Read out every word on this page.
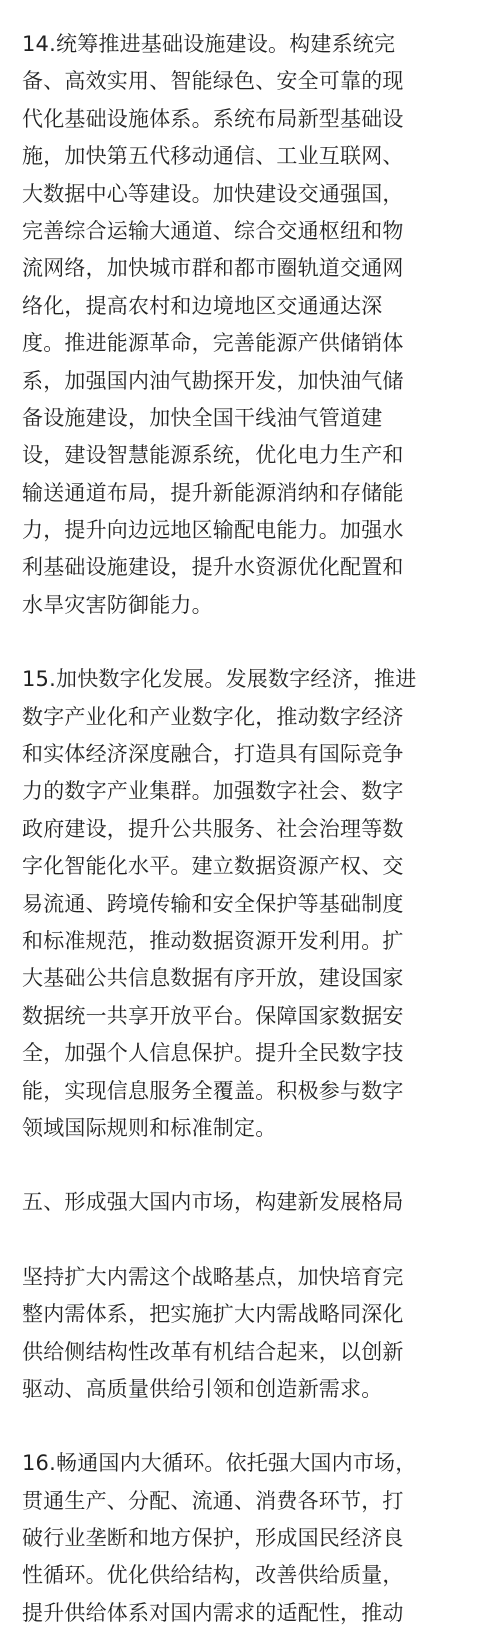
14.统筹推进基础设施建设。构建系统完
备、高效实用、智能绿色、安全可靠的现
代化基础设施体系。系统布局新型基础设
施，加快第五代移动通信、工业互联网、
大数据中心等建设。加快建设交通强国，
完善综合运输大通道、综合交通枢纽和物
流网络，加快城市群和都市圈轨道交通网
络化，提高农村和边境地区交通通达深
度。推进能源革命，完善能源产供储销体
系，加强国内油气勘探开发，加快油气储
备设施建设，加快全国干线油气管道建
设，建设智慧能源系统，优化电力生产和
输送通道布局，提升新能源消纳和存储能
力，提升向边远地区输配电能力。加强水
利基础设施建设，提升水资源优化配置和
水旱灾害防御能力。
15.加快数字化发展。发展数字经济，推进
数字产业化和产业数字化，推动数字经济
和实体经济深度融合，打造具有国际竞争
力的数字产业集群。加强数字社会、数字
政府建设，提升公共服务、社会治理等数
字化智能化水平。建立数据资源产权、交
易流通、跨境传输和安全保护等基础制度
和标准规范，推动数据资源开发利用。扩
大基础公共信息数据有序开放，建设国家
数据统一共享开放平台。保障国家数据安
全，加强个人信息保护。提升全民数字技
能，实现信息服务全覆盖。积极参与数字
领域国际规则和标准制定。
五、形成强大国内市场，构建新发展格局
坚持扩大内需这个战略基点，加快培育完
整内需体系，把实施扩大内需战略同深化
供给侧结构性改革有机结合起来，以创新
驱动、高质量供给引领和创造新需求。
16.畅通国内大循环。依托强大国内市场，
贯通生产、分配、流通、消费各环节，打
破行业垄断和地方保护，形成国民经济良
性循环。优化供给结构，改善供给质量，
提升供给体系对国内需求的适配性，推动
